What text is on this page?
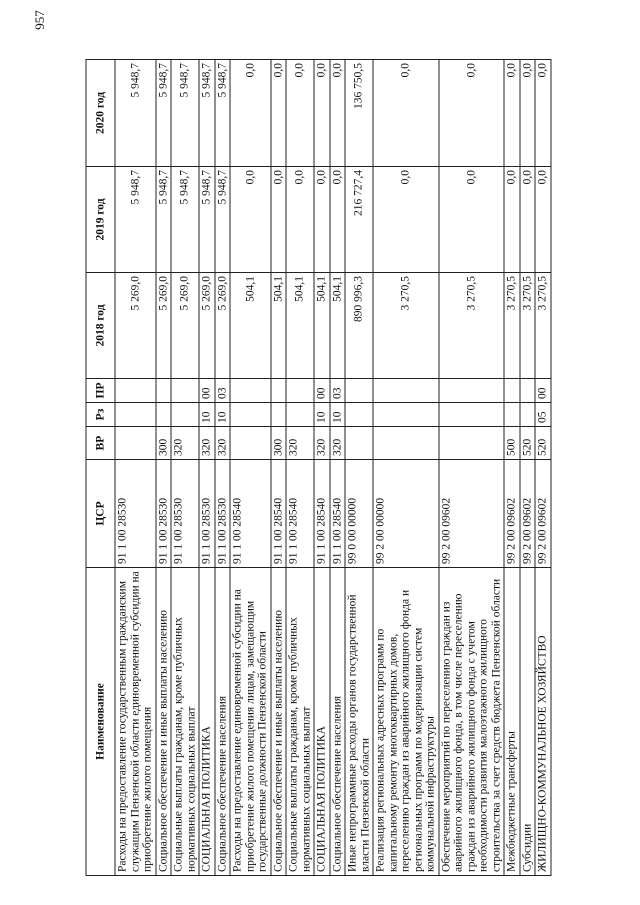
957
Наименование	ЦСР	ВР	Рз	ПР	2018 год	2019 год	2020 год
Расходы на предоставление государственным гражданским служащим Пензенской области единовременной субсидии на приобретение жилого помещения	91 1 00 28530				5 269,0	5 948,7	5 948,7
Социальное обеспечение и иные выплаты населению	91 1 00 28530	300			5 269,0	5 948,7	5 948,7
Социальные выплаты гражданам, кроме публичных нормативных социальных выплат	91 1 00 28530	320			5 269,0	5 948,7	5 948,7
СОЦИАЛЬНАЯ ПОЛИТИКА	91 1 00 28530	320	10	00	5 269,0	5 948,7	5 948,7
Социальное обеспечение населения	91 1 00 28530	320	10	03	5 269,0	5 948,7	5 948,7
Расходы на предоставление единовременной субсидии на приобретение жилого помещения лицам, замещающим государственные должности Пензенской области	91 1 00 28540				504,1	0,0	0,0
Социальное обеспечение и иные выплаты населению	91 1 00 28540	300			504,1	0,0	0,0
Социальные выплаты гражданам, кроме публичных нормативных социальных выплат	91 1 00 28540	320			504,1	0,0	0,0
СОЦИАЛЬНАЯ ПОЛИТИКА	91 1 00 28540	320	10	00	504,1	0,0	0,0
Социальное обеспечение населения	91 1 00 28540	320	10	03	504,1	0,0	0,0
Иные непрограммные расходы органов государственной власти Пензенской области	99 0 00 00000				890 996,3	216 727,4	136 750,5
Реализация региональных адресных программ по капитальному ремонту многоквартирных домов, переселению граждан из аварийного жилищного фонда и региональных программ по модернизации систем коммунальной инфраструктуры	99 2 00 00000				3 270,5	0,0	0,0
Обеспечение мероприятий по переселению граждан из аварийного жилищного фонда, в том числе переселению граждан из аварийного жилищного фонда с учетом необходимости развития малоэтажного жилищного строительства за счет средств бюджета Пензенской области	99 2 00 09602				3 270,5	0,0	0,0
Межбюджетные трансферты	99 2 00 09602	500			3 270,5	0,0	0,0
Субсидии	99 2 00 09602	520			3 270,5	0,0	0,0
ЖИЛИЩНО-КОММУНАЛЬНОЕ ХОЗЯЙСТВО	99 2 00 09602	520	05	00	3 270,5	0,0	0,0
